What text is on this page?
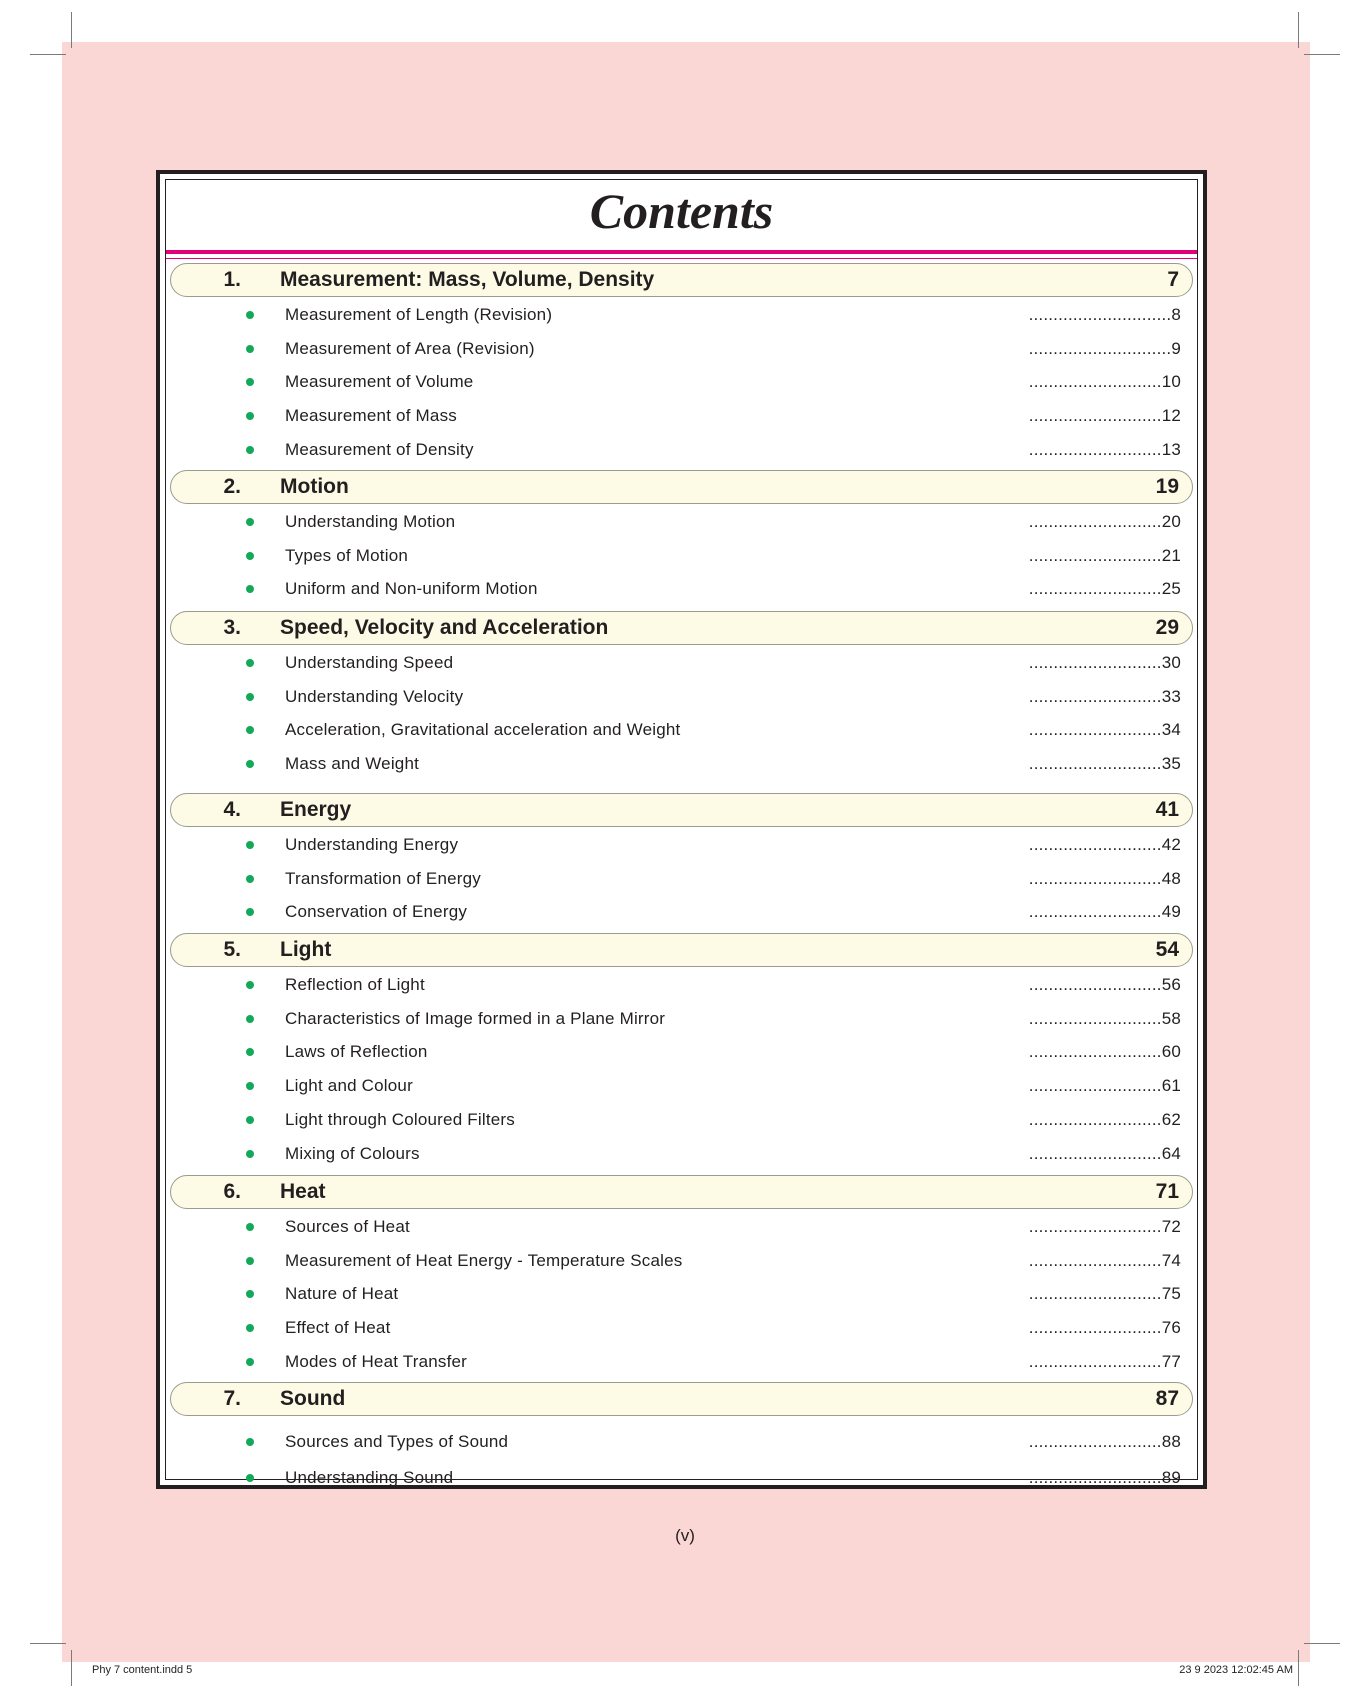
Contents
1. Measurement: Mass, Volume, Density	7
Measurement of Length (Revision)	.............................8
Measurement of Area (Revision)	.............................9
Measurement of Volume	...........................10
Measurement of Mass	...........................12
Measurement of Density	...........................13
2. Motion	19
Understanding Motion	...........................20
Types of Motion	...........................21
Uniform and Non-uniform Motion	...........................25
3. Speed, Velocity and Acceleration	29
Understanding Speed	...........................30
Understanding Velocity	...........................33
Acceleration, Gravitational acceleration and Weight	...........................34
Mass and Weight	...........................35
4. Energy	41
Understanding Energy	...........................42
Transformation of Energy	...........................48
Conservation of Energy	...........................49
5. Light	54
Reflection of Light	...........................56
Characteristics of Image formed in a Plane Mirror	...........................58
Laws of Reflection	...........................60
Light and Colour	...........................61
Light through Coloured Filters	...........................62
Mixing of Colours	...........................64
6. Heat	71
Sources of Heat	...........................72
Measurement of Heat Energy - Temperature Scales	...........................74
Nature of Heat	...........................75
Effect of Heat	...........................76
Modes of Heat Transfer	...........................77
7. Sound	87
Sources and Types of Sound	...........................88
Understanding Sound	...........................89
(v)
Phy 7 content.indd 5	23 9 2023 12:02:45 AM
